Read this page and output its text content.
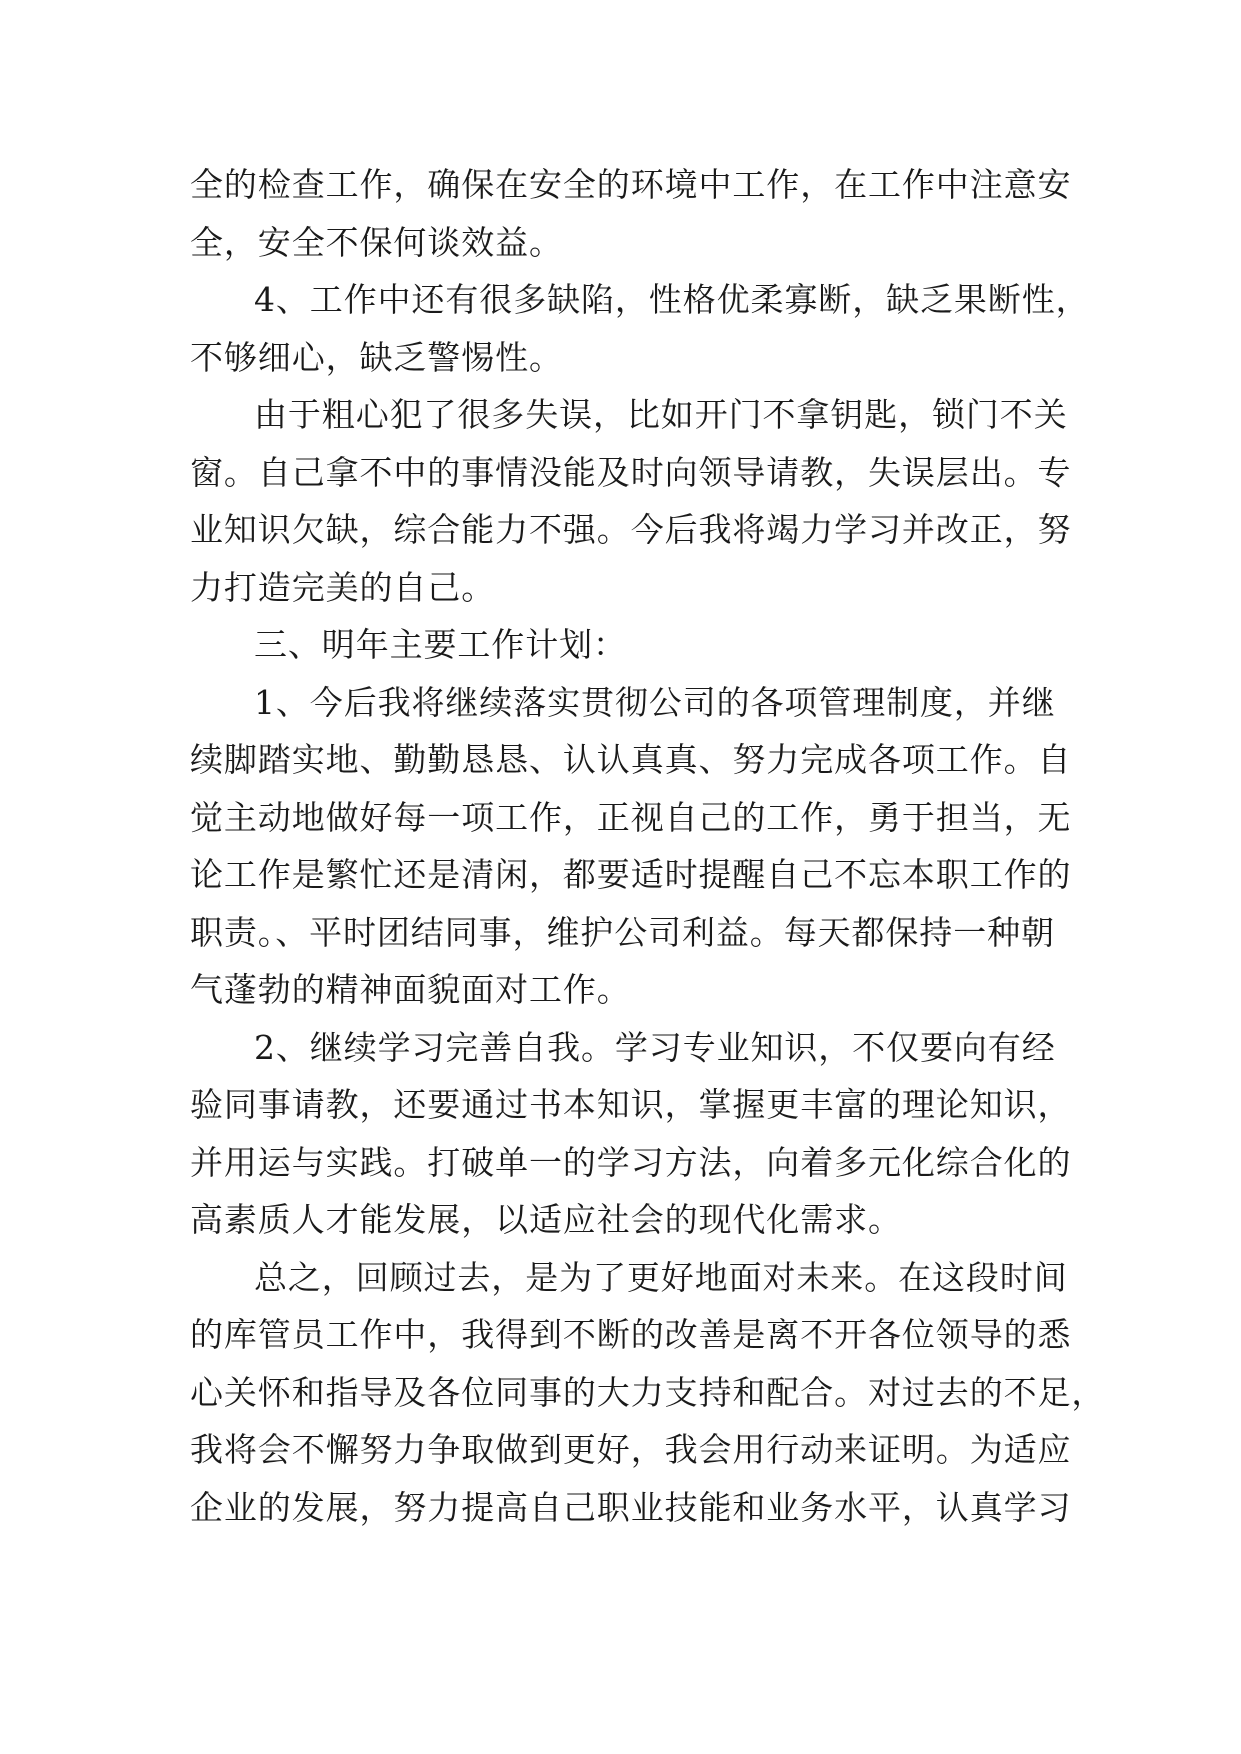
全的检查工作，确保在安全的环境中工作，在工作中注意安
全，安全不保何谈效益。
4、工作中还有很多缺陷，性格优柔寡断，缺乏果断性，
不够细心，缺乏警惕性。
由于粗心犯了很多失误，比如开门不拿钥匙，锁门不关
窗。自己拿不中的事情没能及时向领导请教，失误层出。专
业知识欠缺，综合能力不强。今后我将竭力学习并改正，努
力打造完美的自己。
三、明年主要工作计划：
1、今后我将继续落实贯彻公司的各项管理制度，并继
续脚踏实地、勤勤恳恳、认认真真、努力完成各项工作。自
觉主动地做好每一项工作，正视自己的工作，勇于担当，无
论工作是繁忙还是清闲，都要适时提醒自己不忘本职工作的
职责。、平时团结同事，维护公司利益。每天都保持一种朝
气蓬勃的精神面貌面对工作。
2、继续学习完善自我。学习专业知识，不仅要向有经
验同事请教，还要通过书本知识，掌握更丰富的理论知识，
并用运与实践。打破单一的学习方法，向着多元化综合化的
高素质人才能发展，以适应社会的现代化需求。
总之，回顾过去，是为了更好地面对未来。在这段时间
的库管员工作中，我得到不断的改善是离不开各位领导的悉
心关怀和指导及各位同事的大力支持和配合。对过去的不足，
我将会不懈努力争取做到更好，我会用行动来证明。为适应
企业的发展，努力提高自己职业技能和业务水平，认真学习
